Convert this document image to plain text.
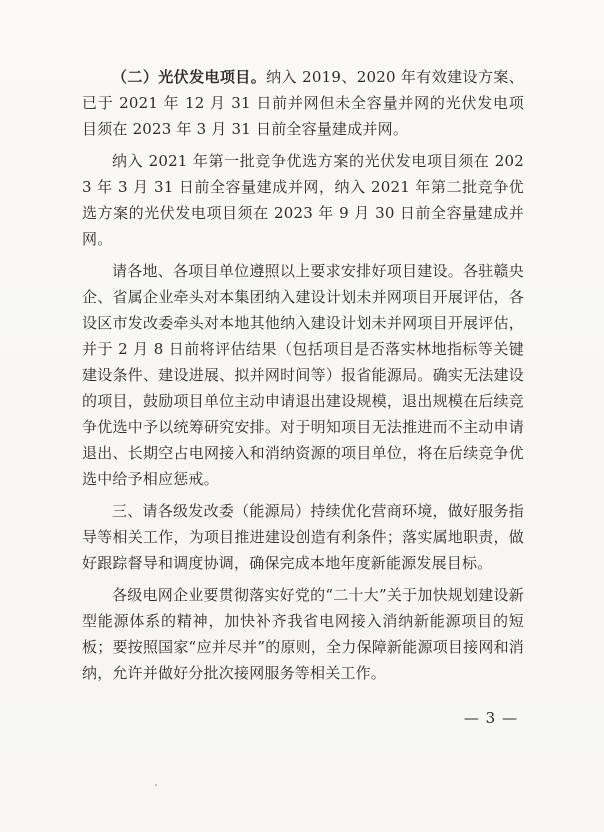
（二）光伏发电项目。纳入 2019、2020 年有效建设方案、已于 2021 年 12 月 31 日前并网但未全容量并网的光伏发电项目须在 2023 年 3 月 31 日前全容量建成并网。

纳入 2021 年第一批竞争优选方案的光伏发电项目须在 2023 年 3 月 31 日前全容量建成并网，纳入 2021 年第二批竞争优选方案的光伏发电项目须在 2023 年 9 月 30 日前全容量建成并网。

请各地、各项目单位遵照以上要求安排好项目建设。各驻赣央企、省属企业牵头对本集团纳入建设计划未并网项目开展评估，各设区市发改委牵头对本地其他纳入建设计划未并网项目开展评估，并于 2 月 8 日前将评估结果（包括项目是否落实林地指标等关键建设条件、建设进展、拟并网时间等）报省能源局。确实无法建设的项目，鼓励项目单位主动申请退出建设规模，退出规模在后续竞争优选中予以统筹研究安排。对于明知项目无法推进而不主动申请退出、长期空占电网接入和消纳资源的项目单位，将在后续竞争优选中给予相应惩戒。

三、请各级发改委（能源局）持续优化营商环境，做好服务指导等相关工作，为项目推进建设创造有利条件；落实属地职责，做好跟踪督导和调度协调，确保完成本地年度新能源发展目标。

各级电网企业要贯彻落实好党的“二十大”关于加快规划建设新型能源体系的精神，加快补齐我省电网接入消纳新能源项目的短板；要按照国家“应并尽并”的原则，全力保障新能源项目接网和消纳，允许并做好分批次接网服务等相关工作。

— 3 —
